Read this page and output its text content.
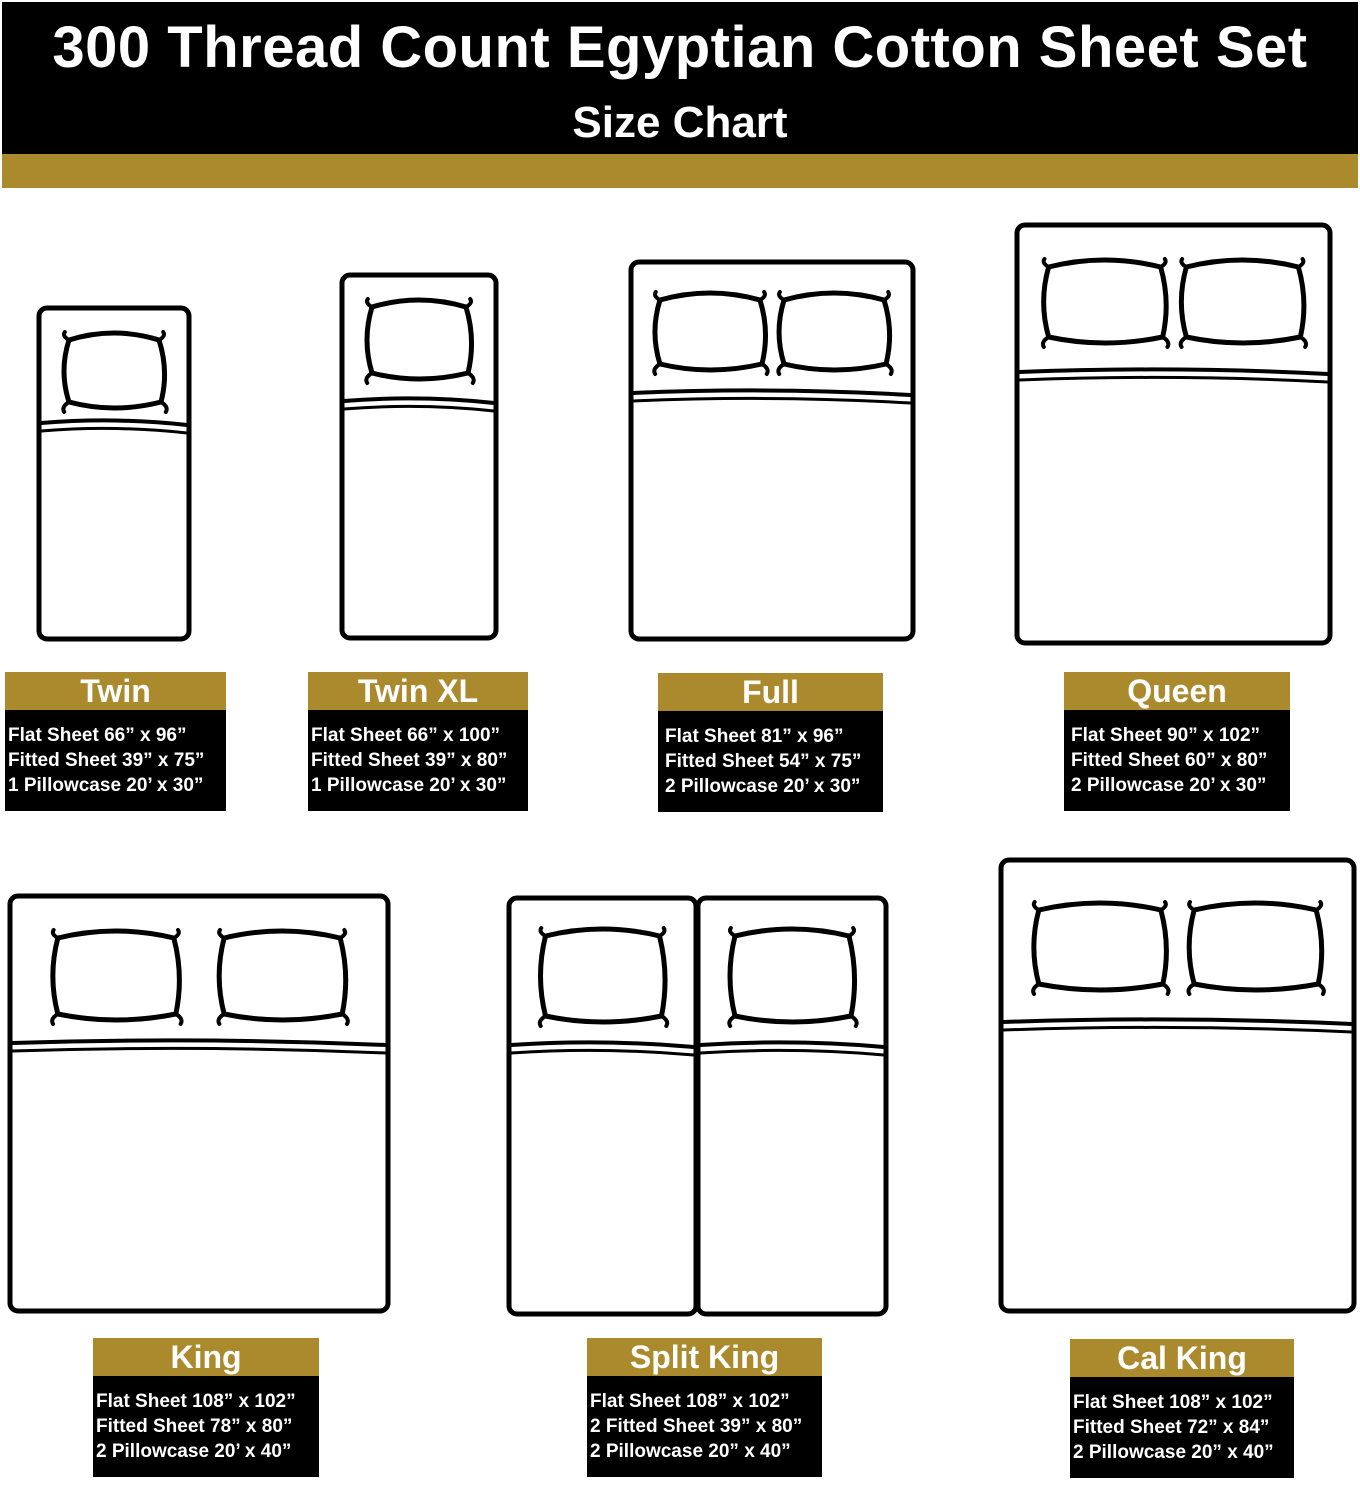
300 Thread Count Egyptian Cotton Sheet Set
Size Chart
Twin
Flat Sheet 66” x 96”
Fitted Sheet 39” x 75”
1 Pillowcase 20’ x 30”
Twin XL
Flat Sheet 66” x 100”
Fitted Sheet 39” x 80”
1 Pillowcase 20’ x 30”
Full
Flat Sheet 81” x 96”
Fitted Sheet 54” x 75”
2 Pillowcase 20’ x 30”
Queen
Flat Sheet 90” x 102”
Fitted Sheet 60” x 80”
2 Pillowcase 20’ x 30”
King
Flat Sheet 108” x 102”
Fitted Sheet 78” x 80”
2 Pillowcase 20’ x 40”
Split King
Flat Sheet 108” x 102”
2 Fitted Sheet 39” x 80”
2 Pillowcase 20” x 40”
Cal King
Flat Sheet 108” x 102”
Fitted Sheet 72” x 84”
2 Pillowcase 20” x 40”
